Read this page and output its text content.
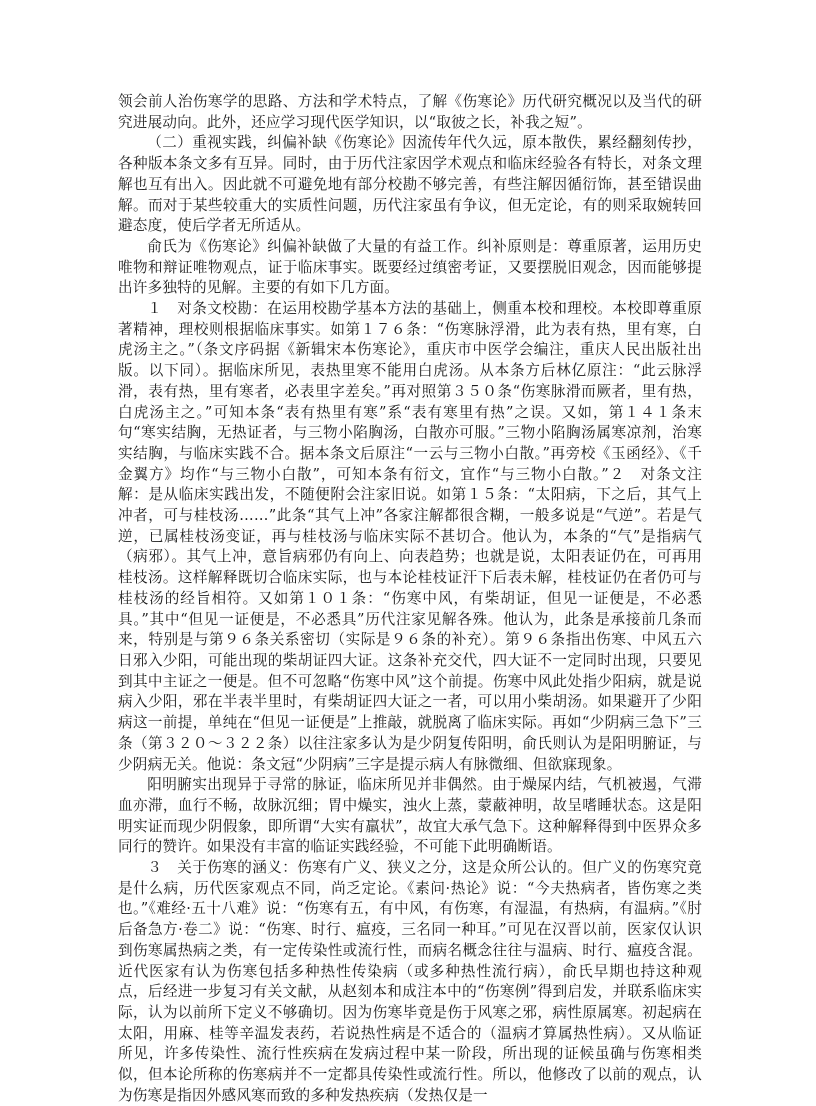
领会前人治伤寒学的思路、方法和学术特点，了解《伤寒论》历代研究概况以及当代的研究进展动向。此外，还应学习现代医学知识，以“取彼之长，补我之短”。

（二）重视实践，纠偏补缺《伤寒论》因流传年代久远，原本散佚，累经翻刻传抄，各种版本条文多有互异。同时，由于历代注家因学术观点和临床经验各有特长，对条文理解也互有出入。因此就不可避免地有部分校勘不够完善，有些注解因循衍饰，甚至错误曲解。而对于某些较重大的实质性问题，历代注家虽有争议，但无定论，有的则采取婉转回避态度，使后学者无所适从。

俞氏为《伤寒论》纠偏补缺做了大量的有益工作。纠补原则是：尊重原著，运用历史唯物和辩证唯物观点，证于临床事实。既要经过缜密考证，又要摆脱旧观念，因而能够提出许多独特的见解。主要的有如下几方面。

１　对条文校勘：在运用校勘学基本方法的基础上，侧重本校和理校。本校即尊重原著精神，理校则根据临床事实。如第１７６条：“伤寒脉浮滑，此为表有热，里有寒，白虎汤主之。”（条文序码据《新辑宋本伤寒论》，重庆市中医学会编注，重庆人民出版社出版。以下同）。据临床所见，表热里寒不能用白虎汤。从本条方后林亿原注：“此云脉浮滑，表有热，里有寒者，必表里字差矣。”再对照第３５０条“伤寒脉滑而厥者，里有热，白虎汤主之。”可知本条“表有热里有寒”系“表有寒里有热”之误。又如，第１４１条末句“寒实结胸，无热证者，与三物小陷胸汤，白散亦可服。”三物小陷胸汤属寒凉剂，治寒实结胸，与临床实践不合。据本条文后原注“一云与三物小白散。”再旁校《玉函经》、《千金翼方》均作“与三物小白散”，可知本条有衍文，宜作“与三物小白散。”２　对条文注解：是从临床实践出发，不随便附会注家旧说。如第１５条：“太阳病，下之后，其气上冲者，可与桂枝汤……”此条“其气上冲”各家注解都很含糊，一般多说是“气逆”。若是气逆，已属桂枝汤变证，再与桂枝汤与临床实际不甚切合。他认为，本条的“气”是指病气（病邪）。其气上冲，意旨病邪仍有向上、向表趋势；也就是说，太阳表证仍在，可再用桂枝汤。这样解释既切合临床实际，也与本论桂枝证汗下后表未解，桂枝证仍在者仍可与桂枝汤的经旨相符。又如第１０１条：“伤寒中风，有柴胡证，但见一证便是，不必悉具。”其中“但见一证便是，不必悉具”历代注家见解各殊。他认为，此条是承接前几条而来，特别是与第９６条关系密切（实际是９６条的补充）。第９６条指出伤寒、中风五六日邪入少阳，可能出现的柴胡证四大证。这条补充交代，四大证不一定同时出现，只要见到其中主证之一便是。但不可忽略“伤寒中风”这个前提。伤寒中风此处指少阳病，就是说病入少阳，邪在半表半里时，有柴胡证四大证之一者，可以用小柴胡汤。如果避开了少阳病这一前提，单纯在“但见一证便是”上推敲，就脱离了临床实际。再如“少阴病三急下”三条（第３２０～３２２条）以往注家多认为是少阴复传阳明，俞氏则认为是阳明腑证，与少阴病无关。他说：条文冠“少阴病”三字是提示病人有脉微细、但欲寐现象。

阳明腑实出现异于寻常的脉证，临床所见并非偶然。由于燥屎内结，气机被遏，气滞血亦滞，血行不畅，故脉沉细；胃中燥实，浊火上蒸，蒙蔽神明，故呈嗜睡状态。这是阳明实证而现少阴假象，即所谓“大实有羸状”，故宜大承气急下。这种解释得到中医界众多同行的赞许。如果没有丰富的临证实践经验，不可能下此明确断语。

３　关于伤寒的涵义：伤寒有广义、狭义之分，这是众所公认的。但广义的伤寒究竟是什么病，历代医家观点不同，尚乏定论。《素问·热论》说：“今夫热病者，皆伤寒之类也。”《难经·五十八难》说：“伤寒有五，有中风，有伤寒，有湿温，有热病，有温病。”《肘后备急方·卷二》说：“伤寒、时行、瘟疫，三名同一种耳。”可见在汉晋以前，医家仅认识到伤寒属热病之类，有一定传染性或流行性，而病名概念往往与温病、时行、瘟疫含混。近代医家有认为伤寒包括多种热性传染病（或多种热性流行病），俞氏早期也持这种观点，后经进一步复习有关文献，从赵刻本和成注本中的“伤寒例”得到启发，并联系临床实际，认为以前所下定义不够确切。因为伤寒毕竟是伤于风寒之邪，病性原属寒。初起病在太阳，用麻、桂等辛温发表药，若说热性病是不适合的（温病才算属热性病）。又从临证所见，许多传染性、流行性疾病在发病过程中某一阶段，所出现的证候虽确与伤寒相类似，但本论所称的伤寒病并不一定都具传染性或流行性。所以，他修改了以前的观点，认为伤寒是指因外感风寒而致的多种发热疾病（发热仅是一
